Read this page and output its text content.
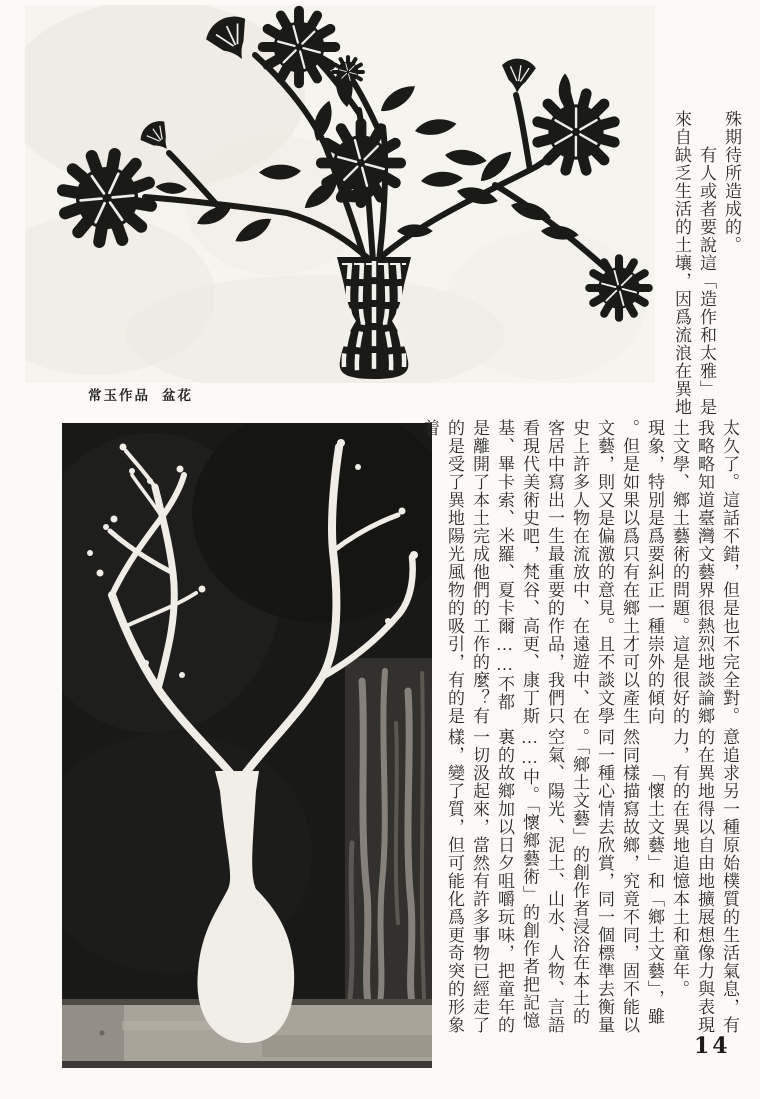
常玉作品 盆花

殊期待所造成的。

有人或者要說這「造作和太雅」是來自缺乏生活的土壤，因爲流浪在異地

太久了。這話不錯，但是也不完全對。我略略知道臺灣文藝界很熱烈地談論鄉土文學、鄉土藝術的問題。這是很好的現象，特別是爲要糾正一種崇外的傾向。但是如果以爲只有在鄉土才可以產生文藝，則又是偏激的意見。且不談文學史上許多人物在流放中、在遠遊中、在客居中寫出一生最重要的作品，我們只看現代美術史吧，梵谷、高更、康丁斯基、畢卡索、米羅、夏卡爾……不都是離開了本土完成他們的工作的麼？有的是受了異地陽光風物的吸引，有的是着

意追求另一種原始樸質的生活氣息，有的在異地得以自由地擴展想像力與表現力，有的在異地追憶本土和童年。

「懷土文藝」和「鄉土文藝」，雖然同樣描寫故鄉，究竟不同，固不能以同一種心情去欣賞，同一個標準去衡量。「鄉土文藝」的創作者浸浴在本土的空氣、陽光、泥土、山水、人物、言語……中。「懷鄉藝術」的創作者把記憶裏的故鄉加以日夕咀嚼玩味，把童年的一切汲起來，當然有許多事物已經走了樣，變了質，但可能化爲更奇突的形象

14
